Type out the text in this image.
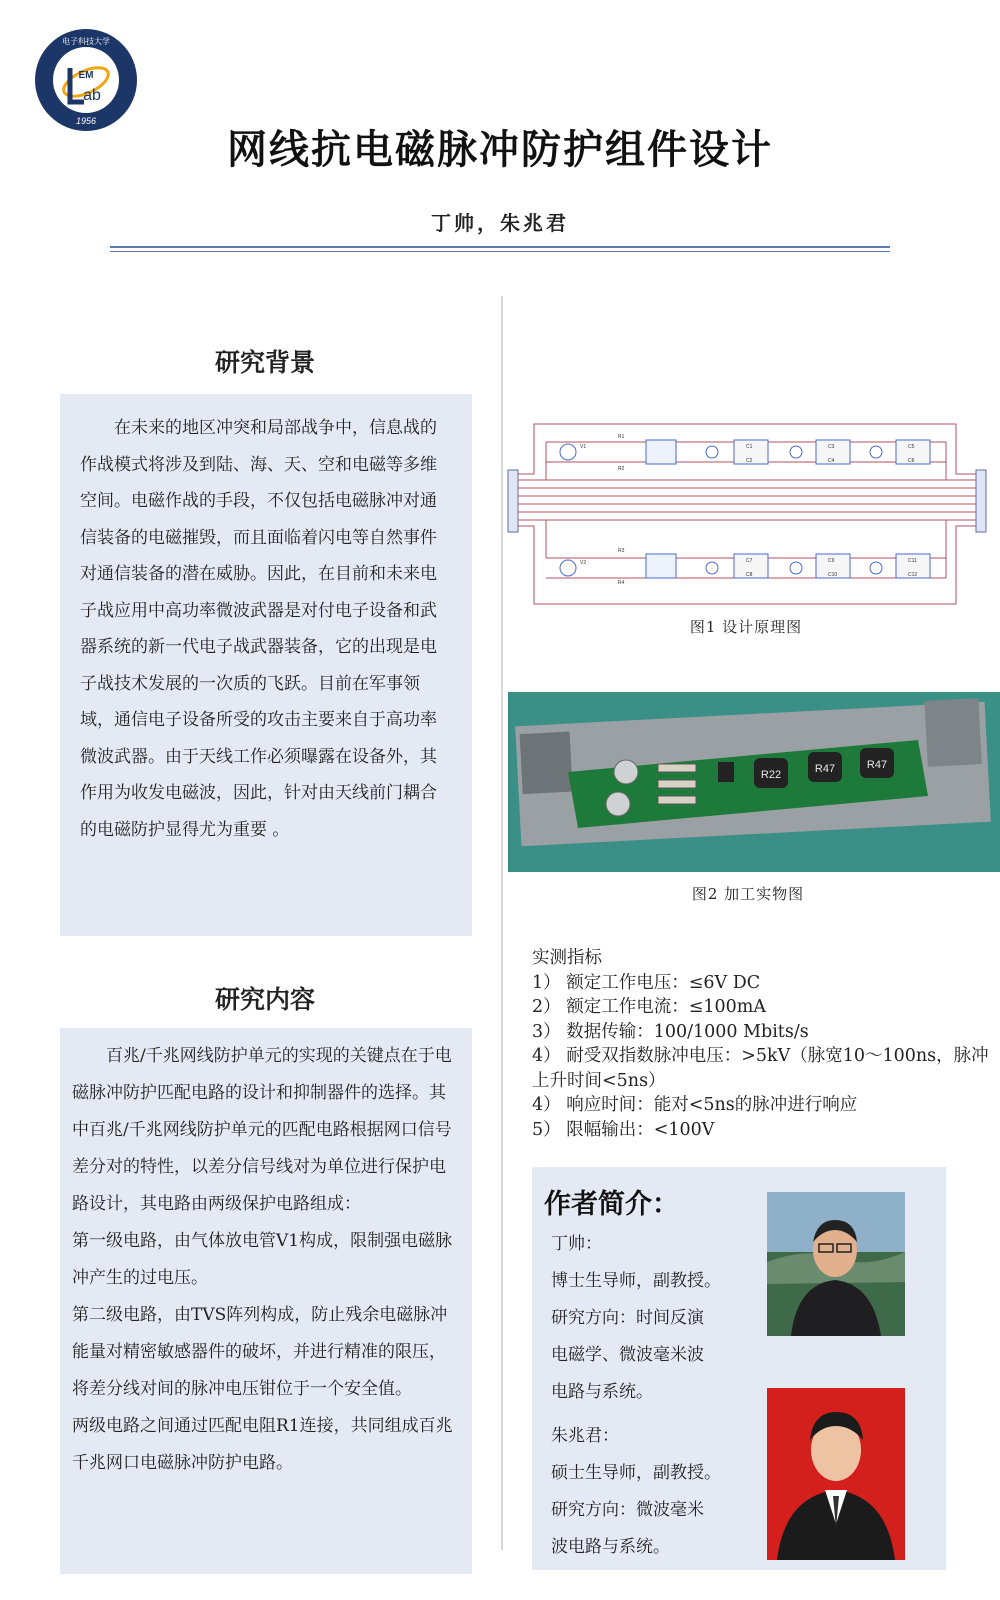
EM
ab
1956
电子科技大学
网线抗电磁脉冲防护组件设计
丁帅，朱兆君
研究背景
在未来的地区冲突和局部战争中，信息战的作战模式将涉及到陆、海、天、空和电磁等多维空间。电磁作战的手段，不仅包括电磁脉冲对通信装备的电磁摧毁，而且面临着闪电等自然事件对通信装备的潜在威胁。因此，在目前和未来电子战应用中高功率微波武器是对付电子设备和武器系统的新一代电子战武器装备，它的出现是电子战技术发展的一次质的飞跃。目前在军事领域，通信电子设备所受的攻击主要来自于高功率微波武器。由于天线工作必须曝露在设备外，其作用为收发电磁波，因此，针对由天线前门耦合的电磁防护显得尤为重要 。
研究内容

百兆/千兆网线防护单元的实现的关键点在于电磁脉冲防护匹配电路的设计和抑制器件的选择。其中百兆/千兆网线防护单元的匹配电路根据网口信号差分对的特性，以差分信号线对为单位进行保护电路设计，其电路由两级保护电路组成：

第一级电路，由气体放电管V1构成，限制强电磁脉冲产生的过电压。

第二级电路，由TVS阵列构成，防止残余电磁脉冲能量对精密敏感器件的破坏，并进行精准的限压，将差分线对间的脉冲电压钳位于一个安全值。

两级电路之间通过匹配电阻R1连接，共同组成百兆千兆网口电磁脉冲防护电路。

V1
V2
R1
R2
R3
R4
C1
C2
C3
C4
C5
C6
C7
C8
C9
C10
C11
C12
图1 设计原理图
R22	R47	R47
图2 加工实物图
实测指标
1） 额定工作电压：≤6V DC
2） 额定工作电流：≤100mA
3） 数据传输：100/1000 Mbits/s
4） 耐受双指数脉冲电压：>5kV（脉宽10～100ns，脉冲上升时间<5ns）
4） 响应时间：能对<5ns的脉冲进行响应
5） 限幅输出：<100V
作者简介：
丁帅：
博士生导师，副教授。
研究方向：时间反演
电磁学、微波毫米波
电路与系统。
朱兆君：
硕士生导师，副教授。
研究方向：微波毫米
波电路与系统。
